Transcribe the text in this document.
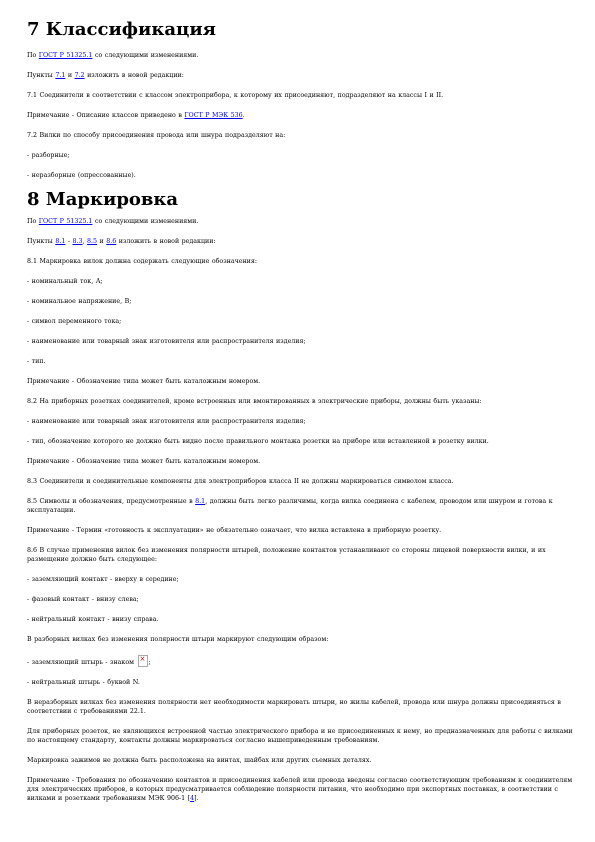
7 Классификация

По ГОСТ Р 51325.1 со следующими изменениями.

Пункты 7.1 и 7.2 изложить в новой редакции:

7.1 Соединители в соответствии с классом электроприбора, к которому их присоединяют, подразделяют на классы I и II.

Примечание - Описание классов приведено в ГОСТ Р МЭК 536.

7.2 Вилки по способу присоединения провода или шнура подразделяют на:

- разборные;

- неразборные (опрессованные).

8 Маркировка

По ГОСТ Р 51325.1 со следующими изменениями.

Пункты 8.1 - 8.3, 8.5 и 8.6 изложить в новой редакции:

8.1 Маркировка вилок должна содержать следующие обозначения:

- номинальный ток, А;

- номинальное напряжение, В;

- символ переменного тока;

- наименование или товарный знак изготовителя или распространителя изделия;

- тип.

Примечание - Обозначение типа может быть каталожным номером.

8.2 На приборных розетках соединителей, кроме встроенных или вмонтированных в электрические приборы, должны быть указаны:

- наименование или товарный знак изготовителя или распространителя изделия;

- тип, обозначение которого не должно быть видно после правильного монтажа розетки на приборе или вставленной в розетку вилки.

Примечание - Обозначение типа может быть каталожным номером.

8.3 Соединители и соединительные компоненты для электроприборов класса II не должны маркироваться символом класса.

8.5 Символы и обозначения, предусмотренные в 8.1, должны быть легко различимы, когда вилка соединена с кабелем, проводом или шнуром и готова к эксплуатации.

Примечание - Термин «готовность к эксплуатации» не обязательно означает, что вилка вставлена в приборную розетку.

8.6 В случае применения вилок без изменения полярности штырей, положение контактов устанавливают со стороны лицевой поверхности вилки, и их размещение должно быть следующее:

- заземляющий контакт - вверху в середине;

- фазовый контакт - внизу слева;

- нейтральный контакт - внизу справа.

В разборных вилках без изменения полярности штыри маркируют следующим образом:

- заземляющий штырь - знаком ×;

- нейтральный штырь - буквой N.

В неразборных вилках без изменения полярности нет необходимости маркировать штыри, но жилы кабелей, провода или шнура должны присоединяться в соответствии с требованиями 22.1.

Для приборных розеток, не являющихся встроенной частью электрического прибора и не присоединенных к нему, но предназначенных для работы с вилками по настоящему стандарту, контакты должны маркироваться согласно вышеприведенным требованиям.

Маркировка зажимов не должна быть расположена на винтах, шайбах или других съемных деталях.

Примечание - Требования по обозначению контактов и присоединения кабелей или провода введены согласно соответствующим требованиям к соединителям для электрических приборов, в которых предусматривается соблюдение полярности питания, что необходимо при экспортных поставках, в соответствии с вилками и розетками требованиям МЭК 906-1 [4].
